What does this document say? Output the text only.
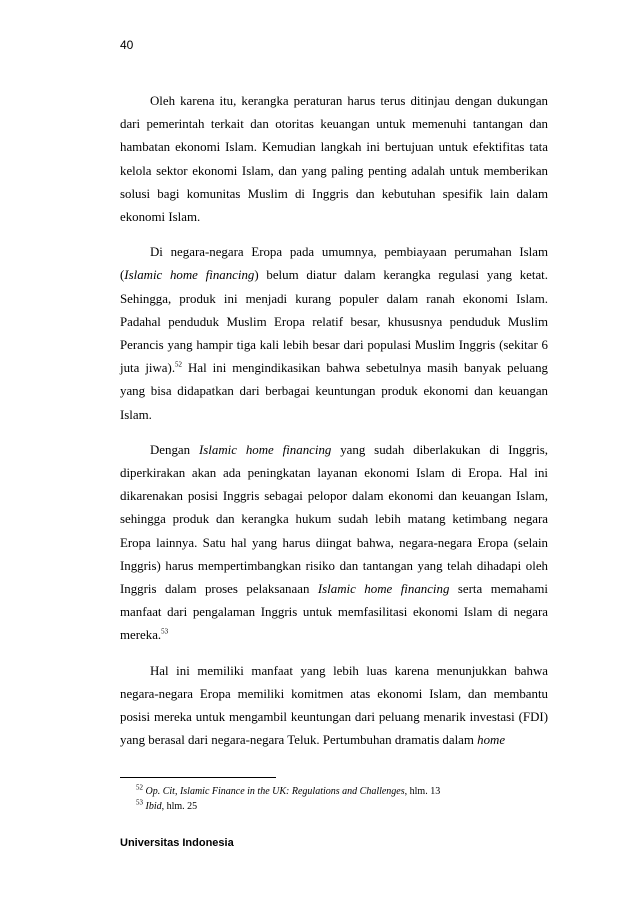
40

Oleh karena itu, kerangka peraturan harus terus ditinjau dengan dukungan dari pemerintah terkait dan otoritas keuangan untuk memenuhi tantangan dan hambatan ekonomi Islam. Kemudian langkah ini bertujuan untuk efektifitas tata kelola sektor ekonomi Islam, dan yang paling penting adalah untuk memberikan solusi bagi komunitas Muslim di Inggris dan kebutuhan spesifik lain dalam ekonomi Islam.

Di negara-negara Eropa pada umumnya, pembiayaan perumahan Islam (Islamic home financing) belum diatur dalam kerangka regulasi yang ketat. Sehingga, produk ini menjadi kurang populer dalam ranah ekonomi Islam. Padahal penduduk Muslim Eropa relatif besar, khususnya penduduk Muslim Perancis yang hampir tiga kali lebih besar dari populasi Muslim Inggris (sekitar 6 juta jiwa).$^{52}$ Hal ini mengindikasikan bahwa sebetulnya masih banyak peluang yang bisa didapatkan dari berbagai keuntungan produk ekonomi dan keuangan Islam.

Dengan Islamic home financing yang sudah diberlakukan di Inggris, diperkirakan akan ada peningkatan layanan ekonomi Islam di Eropa. Hal ini dikarenakan posisi Inggris sebagai pelopor dalam ekonomi dan keuangan Islam, sehingga produk dan kerangka hukum sudah lebih matang ketimbang negara Eropa lainnya. Satu hal yang harus diingat bahwa, negara-negara Eropa (selain Inggris) harus mempertimbangkan risiko dan tantangan yang telah dihadapi oleh Inggris dalam proses pelaksanaan Islamic home financing serta memahami manfaat dari pengalaman Inggris untuk memfasilitasi ekonomi Islam di negara mereka.$^{53}$

Hal ini memiliki manfaat yang lebih luas karena menunjukkan bahwa negara-negara Eropa memiliki komitmen atas ekonomi Islam, dan membantu posisi mereka untuk mengambil keuntungan dari peluang menarik investasi (FDI) yang berasal dari negara-negara Teluk. Pertumbuhan dramatis dalam home

$^{52}$ Op. Cit, Islamic Finance in the UK: Regulations and Challenges, hlm. 13
$^{53}$ Ibid, hlm. 25
Universitas Indonesia
